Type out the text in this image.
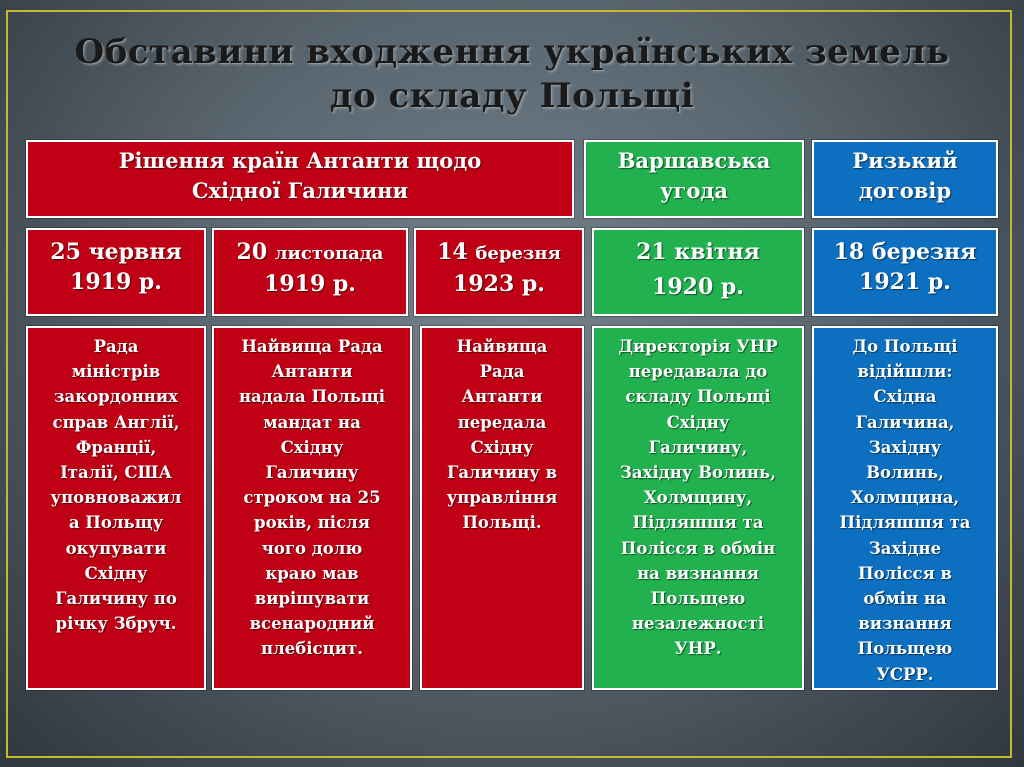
Обставини входження українських земель
до складу Польщі
Рішення країн Антанти щодо
Східної Галичини
Варшавська
угода
Ризький
договір
25 червня
1919 р.
20 листопада
1919 р.
14 березня
1923 р.
21 квітня
1920 р.
18 березня
1921 р.
Рада
міністрів
закордонних
справ Англії,
Франції,
Італії, США
уповноважил
а Польщу
окупувати
Східну
Галичину по
річку Збруч.
Найвища Рада
Антанти
надала Польщі
мандат на
Східну
Галичину
строком на 25
років, після
чого долю
краю мав
вирішувати
всенародний
плебісцит.
Найвища
Рада
Антанти
передала
Східну
Галичину в
управління
Польщі.
Директорія УНР
передавала до
складу Польщі
Східну
Галичину,
Західну Волинь,
Холмщину,
Підляшшя та
Полісся в обмін
на визнання
Польщею
незалежності
УНР.
До Польщі
відійшли:
Східна
Галичина,
Західну
Волинь,
Холмщина,
Підляшшя та
Західне
Полісся в
обмін на
визнання
Польщею
УСРР.
